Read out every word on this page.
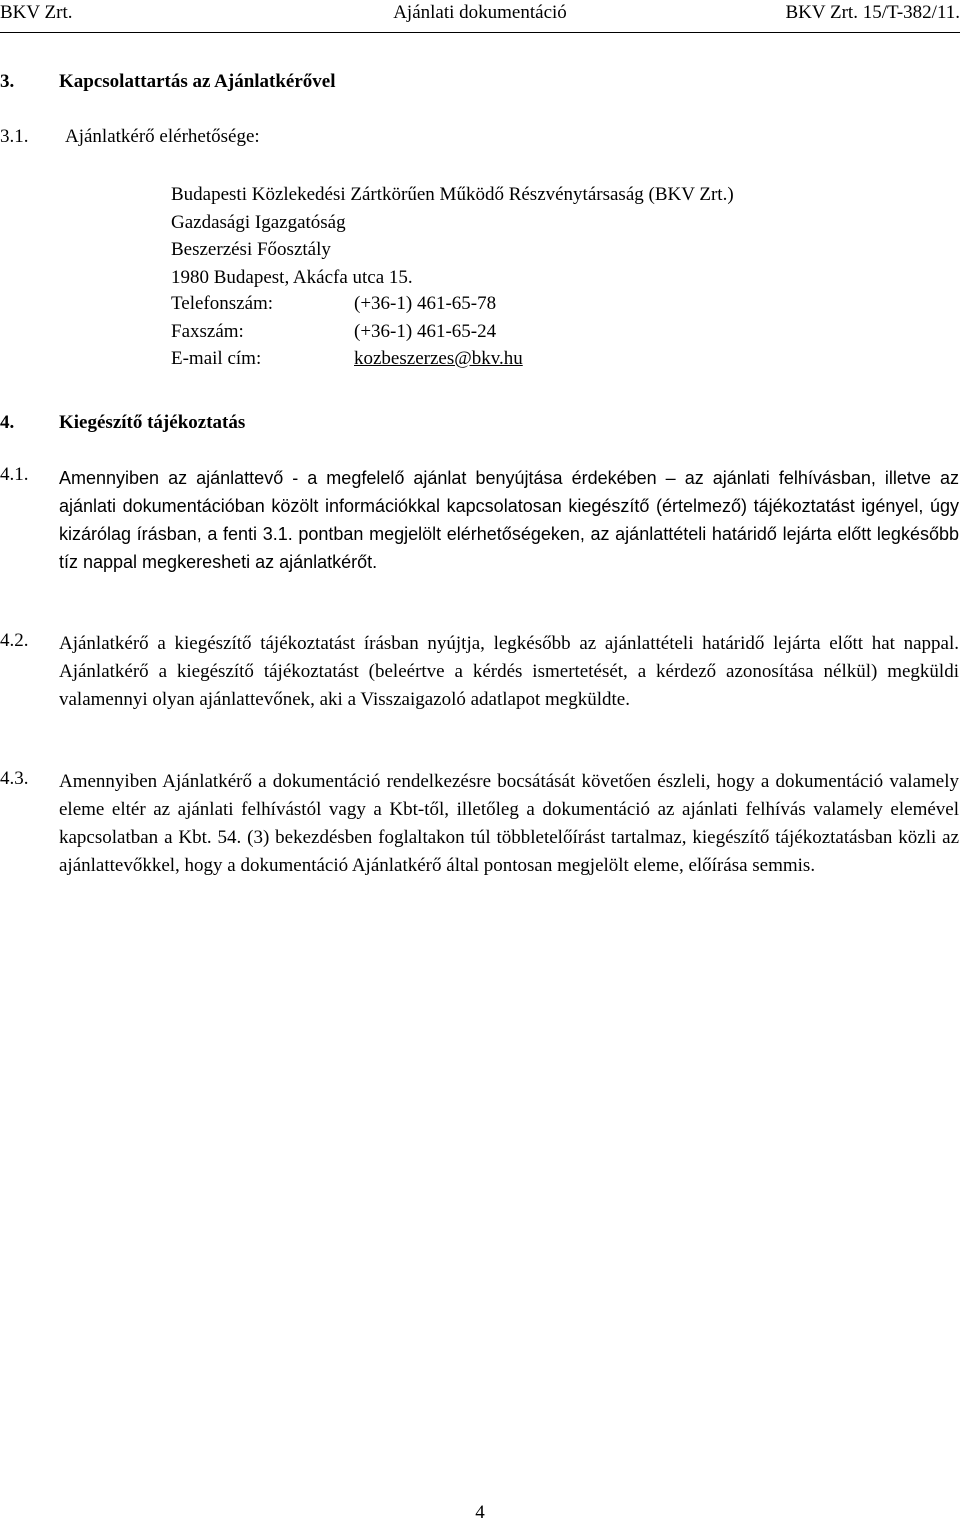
BKV Zrt.	Ajánlati dokumentáció	BKV Zrt. 15/T-382/11.
3. Kapcsolattartás az Ajánlatkérővel
3.1. Ajánlatkérő elérhetősége:
Budapesti Közlekedési Zártkörűen Működő Részvénytársaság (BKV Zrt.)
Gazdasági Igazgatóság
Beszerzési Főosztály
1980 Budapest, Akácfa utca 15.
Telefonszám:	(+36-1) 461-65-78
Faxszám:	(+36-1) 461-65-24
E-mail cím:	kozbeszerzes@bkv.hu
4. Kiegészítő tájékoztatás
4.1. Amennyiben az ajánlattevő - a megfelelő ajánlat benyújtása érdekében – az ajánlati felhívásban, illetve az ajánlati dokumentációban közölt információkkal kapcsolatosan kiegészítő (értelmező) tájékoztatást igényel, úgy kizárólag írásban, a fenti 3.1. pontban megjelölt elérhetőségeken, az ajánlattételi határidő lejárta előtt legkésőbb tíz nappal megkeresheti az ajánlatkérőt.
4.2. Ajánlatkérő a kiegészítő tájékoztatást írásban nyújtja, legkésőbb az ajánlattételi határidő lejárta előtt hat nappal. Ajánlatkérő a kiegészítő tájékoztatást (beleértve a kérdés ismertetését, a kérdező azonosítása nélkül) megküldi valamennyi olyan ajánlattevőnek, aki a Visszaigazoló adatlapot megküldte.
4.3. Amennyiben Ajánlatkérő a dokumentáció rendelkezésre bocsátását követően észleli, hogy a dokumentáció valamely eleme eltér az ajánlati felhívástól vagy a Kbt-től, illetőleg a dokumentáció az ajánlati felhívás valamely elemével kapcsolatban a Kbt. 54. (3) bekezdésben foglaltakon túl többletelőírást tartalmaz, kiegészítő tájékoztatásban közli az ajánlattevőkkel, hogy a dokumentáció Ajánlatkérő által pontosan megjelölt eleme, előírása semmis.
4
